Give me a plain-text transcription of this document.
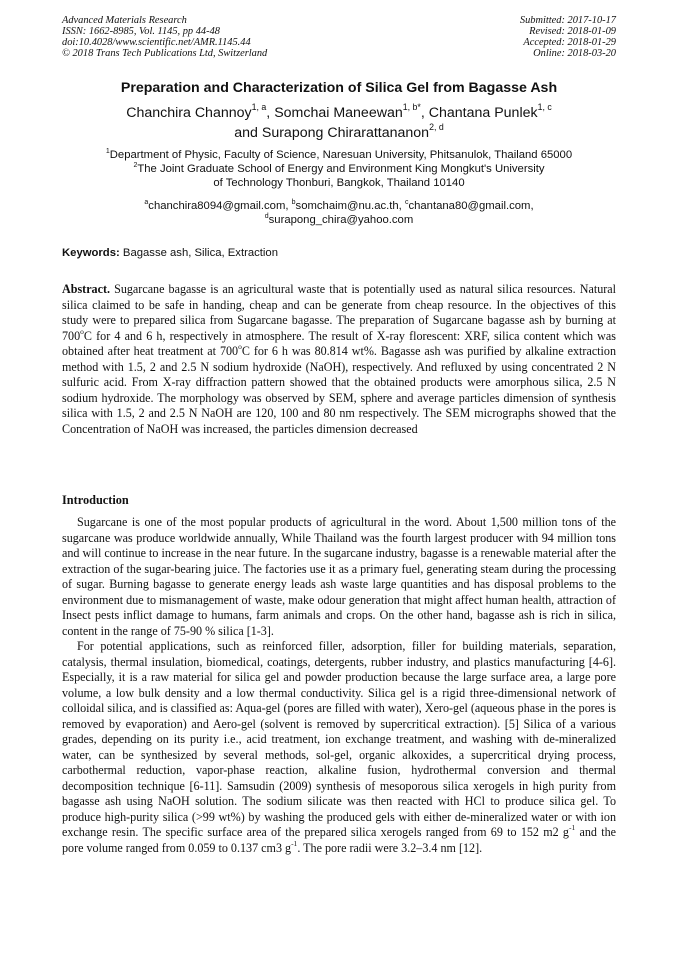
Advanced Materials Research
ISSN: 1662-8985, Vol. 1145, pp 44-48
doi:10.4028/www.scientific.net/AMR.1145.44
© 2018 Trans Tech Publications Ltd, Switzerland
Submitted: 2017-10-17
Revised: 2018-01-09
Accepted: 2018-01-29
Online: 2018-03-20
Preparation and Characterization of Silica Gel from Bagasse Ash
Chanchira Channoy$^{1, a}$, Somchai Maneewan$^{1, b*}$, Chantana Punlek$^{1, c}$
and Surapong Chirarattananon$^{2, d}$
$^1$Department of Physic, Faculty of Science, Naresuan University, Phitsanulok, Thailand 65000
$^2$The Joint Graduate School of Energy and Environment King Mongkut's University
of Technology Thonburi, Bangkok, Thailand 10140
$^a$chanchira8094@gmail.com, $^b$somchaim@nu.ac.th, $^c$chantana80@gmail.com,
$^d$surapong_chira@yahoo.com
Keywords: Bagasse ash, Silica, Extraction
Abstract. Sugarcane bagasse is an agricultural waste that is potentially used as natural silica resources. Natural silica claimed to be safe in handing, cheap and can be generate from cheap resource. In the objectives of this study were to prepared silica from Sugarcane bagasse. The preparation of Sugarcane bagasse ash by burning at 700$^o$C for 4 and 6 h, respectively in atmosphere. The result of X-ray florescent: XRF, silica content which was obtained after heat treatment at 700$^o$C for 6 h was 80.814 wt%. Bagasse ash was purified by alkaline extraction method with 1.5, 2 and 2.5 N sodium hydroxide (NaOH), respectively. And refluxed by using concentrated 2 N sulfuric acid. From X-ray diffraction pattern showed that the obtained products were amorphous silica, 2.5 N sodium hydroxide. The morphology was observed by SEM, sphere and average particles dimension of synthesis silica with 1.5, 2 and 2.5 N NaOH are 120, 100 and 80 nm respectively. The SEM micrographs showed that the Concentration of NaOH was increased, the particles dimension decreased
Introduction

Sugarcane is one of the most popular products of agricultural in the word. About 1,500 million tons of the sugarcane was produce worldwide annually, While Thailand was the fourth largest producer with 94 million tons and will continue to increase in the near future. In the sugarcane industry, bagasse is a renewable material after the extraction of the sugar-bearing juice. The factories use it as a primary fuel, generating steam during the processing of sugar. Burning bagasse to generate energy leads ash waste large quantities and has disposal problems to the environment due to mismanagement of waste, make odour generation that might affect human health, attraction of Insect pests inflict damage to humans, farm animals and crops. On the other hand, bagasse ash is rich in silica, content in the range of 75-90 % silica [1-3].

For potential applications, such as reinforced filler, adsorption, filler for building materials, separation, catalysis, thermal insulation, biomedical, coatings, detergents, rubber industry, and plastics manufacturing [4-6]. Especially, it is a raw material for silica gel and powder production because the large surface area, a large pore volume, a low bulk density and a low thermal conductivity. Silica gel is a rigid three-dimensional network of colloidal silica, and is classified as: Aqua-gel (pores are filled with water), Xero-gel (aqueous phase in the pores is removed by evaporation) and Aero-gel (solvent is removed by supercritical extraction). [5] Silica of a various grades, depending on its purity i.e., acid treatment, ion exchange treatment, and washing with de-mineralized water, can be synthesized by several methods, sol-gel, organic alkoxides, a supercritical drying process, carbothermal reduction, vapor-phase reaction, alkaline fusion, hydrothermal conversion and thermal decomposition technique [6-11]. Samsudin (2009) synthesis of mesoporous silica xerogels in high purity from bagasse ash using NaOH solution. The sodium silicate was then reacted with HCl to produce silica gel. To produce high-purity silica (>99 wt%) by washing the produced gels with either de-mineralized water or with ion exchange resin. The specific surface area of the prepared silica xerogels ranged from 69 to 152 m2 $g^{-1}$ and the pore volume ranged from 0.059 to 0.137 cm3 $g^{-1}$. The pore radii were 3.2–3.4 nm [12].
